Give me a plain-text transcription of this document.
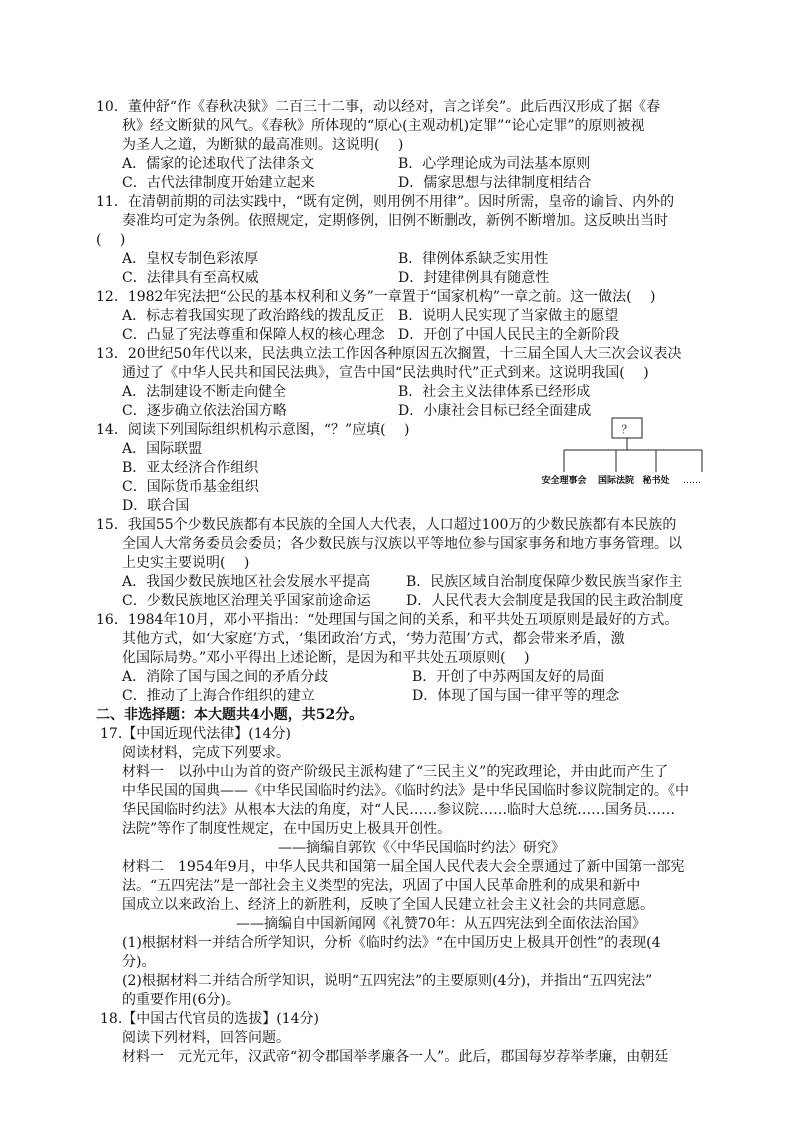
10．董仲舒“作《春秋决狱》二百三十二事，动以经对，言之详矣”。此后西汉形成了据《春
秋》经文断狱的风气。《春秋》所体现的“原心(主观动机)定罪”“论心定罪”的原则被视
为圣人之道，为断狱的最高准则。这说明(　 )
A．儒家的论述取代了法律条文	B．心学理论成为司法基本原则
C．古代法律制度开始建立起来	D．儒家思想与法律制度相结合
11．在清朝前期的司法实践中，“既有定例，则用例不用律”。因时所需，皇帝的谕旨、内外的
奏准均可定为条例。依照规定，定期修例，旧例不断删改，新例不断增加。这反映出当时
(　 )
A．皇权专制色彩浓厚	B．律例体系缺乏实用性
C．法律具有至高权威	D．封建律例具有随意性
12．1982年宪法把“公民的基本权利和义务”一章置于“国家机构”一章之前。这一做法(　 )
A．标志着我国实现了政治路线的拨乱反正 B．说明人民实现了当家做主的愿望
C．凸显了宪法尊重和保障人权的核心理念 D．开创了中国人民民主的全新阶段
13．20世纪50年代以来，民法典立法工作因各种原因五次搁置，十三届全国人大三次会议表决
通过了《中华人民共和国民法典》，宣告中国“民法典时代”正式到来。这说明我国(　 )
A．法制建设不断走向健全	B．社会主义法律体系已经形成
C．逐步确立依法治国方略	D．小康社会目标已经全面建成
14．阅读下列国际组织机构示意图，“？”应填(　 )
A．国际联盟
B．亚太经济合作组织
C．国际货币基金组织
D．联合国
？
安全理事会 国际法院 秘书处 ……
15．我国55个少数民族都有本民族的全国人大代表，人口超过100万的少数民族都有本民族的
全国人大常务委员会委员；各少数民族与汉族以平等地位参与国家事务和地方事务管理。以
上史实主要说明(　 )
A．我国少数民族地区社会发展水平提高	B．民族区域自治制度保障少数民族当家作主
C．少数民族地区治理关乎国家前途命运	D．人民代表大会制度是我国的民主政治制度
16．1984年10月，邓小平指出：“处理国与国之间的关系，和平共处五项原则是最好的方式。
其他方式，如‘大家庭’方式，‘集团政治’方式，‘势力范围’方式，都会带来矛盾，激
化国际局势。”邓小平得出上述论断，是因为和平共处五项原则(　 )
A．消除了国与国之间的矛盾分歧	B．开创了中苏两国友好的局面
C．推动了上海合作组织的建立	D．体现了国与国一律平等的理念
二、非选择题：本大题共4小题，共52分。
17.【中国近现代法律】(14分)
阅读材料，完成下列要求。
材料一　以孙中山为首的资产阶级民主派构建了“三民主义”的宪政理论，并由此而产生了
中华民国的国典——《中华民国临时约法》。《临时约法》是中华民国临时参议院制定的。《中
华民国临时约法》从根本大法的角度，对“人民……参议院……临时大总统……国务员……
法院”等作了制度性规定，在中国历史上极具开创性。
——摘编自郭钦《〈中华民国临时约法〉研究》
材料二　1954年9月，中华人民共和国第一届全国人民代表大会全票通过了新中国第一部宪
法。“五四宪法”是一部社会主义类型的宪法，巩固了中国人民革命胜利的成果和新中
国成立以来政治上、经济上的新胜利，反映了全国人民建立社会主义社会的共同意愿。
——摘编自中国新闻网《礼赞70年：从五四宪法到全面依法治国》
(1)根据材料一并结合所学知识，分析《临时约法》“在中国历史上极具开创性”的表现(4
分)。
(2)根据材料二并结合所学知识，说明“五四宪法”的主要原则(4分)，并指出“五四宪法”
的重要作用(6分)。
18.【中国古代官员的选拔】(14分)
阅读下列材料，回答问题。
材料一　元光元年，汉武帝“初令郡国举孝廉各一人”。此后，郡国每岁荐举孝廉，由朝廷
